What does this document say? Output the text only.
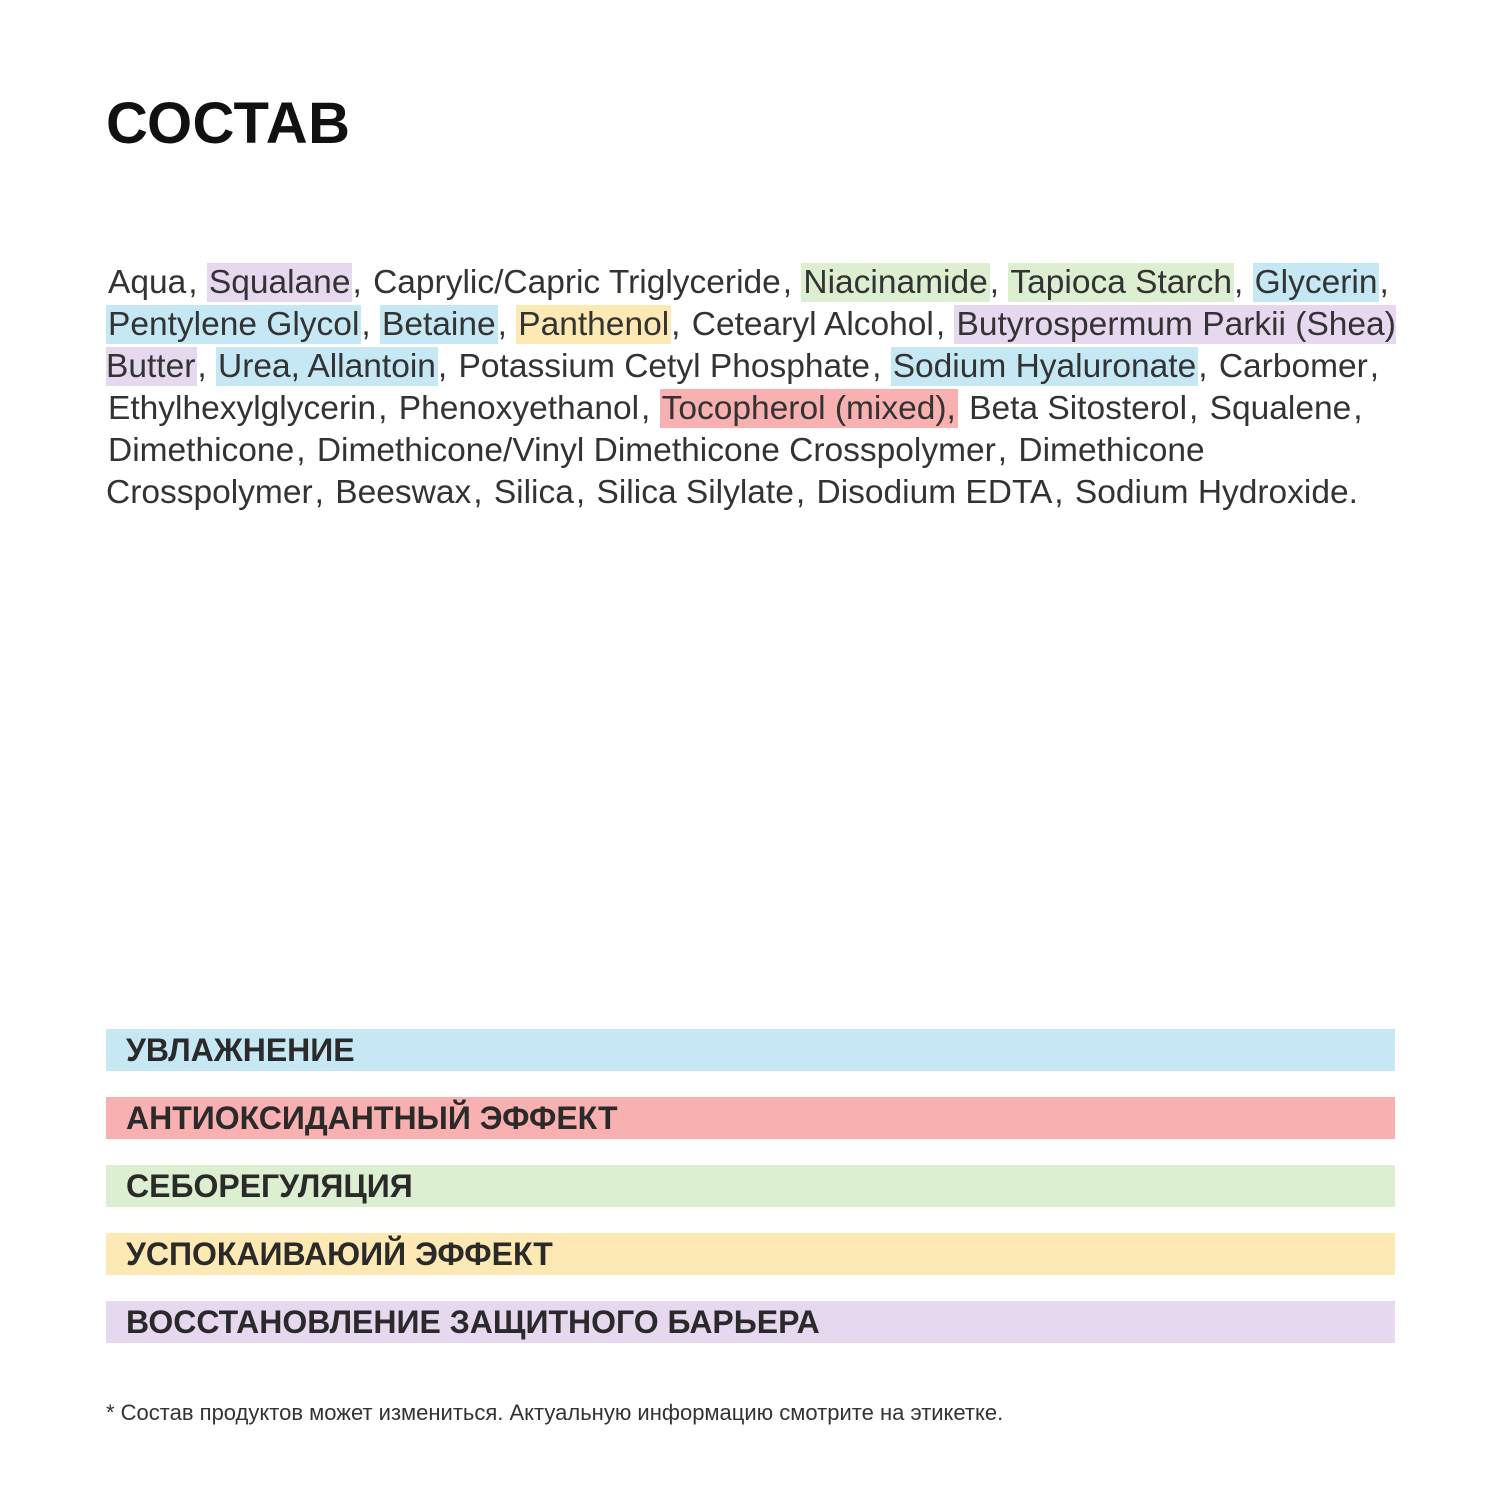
СОСТАВ

Aqua, Squalane, Caprylic/Capric Triglyceride, Niacinamide, Tapioca Starch, Glycerin, Pentylene Glycol, Betaine, Panthenol, Cetearyl Alcohol, Butyrospermum Parkii (Shea) Butter, Urea, Allantoin, Potassium Cetyl Phosphate, Sodium Hyaluronate, Carbomer, Ethylhexylglycerin, Phenoxyethanol, Tocopherol (mixed), Beta Sitosterol, Squalene, Dimethicone, Dimethicone/Vinyl Dimethicone Crosspolymer, Dimethicone Crosspolymer, Beeswax, Silica, Silica Silylate, Disodium EDTA, Sodium Hydroxide.

УВЛАЖНЕНИЕ
АНТИОКСИДАНТНЫЙ ЭФФЕКТ
СЕБОРЕГУЛЯЦИЯ
УСПОКАИВАЮИЙ ЭФФЕКТ
ВОССТАНОВЛЕНИЕ ЗАЩИТНОГО БАРЬЕРА

* Состав продуктов может измениться. Актуальную информацию смотрите на этикетке.
